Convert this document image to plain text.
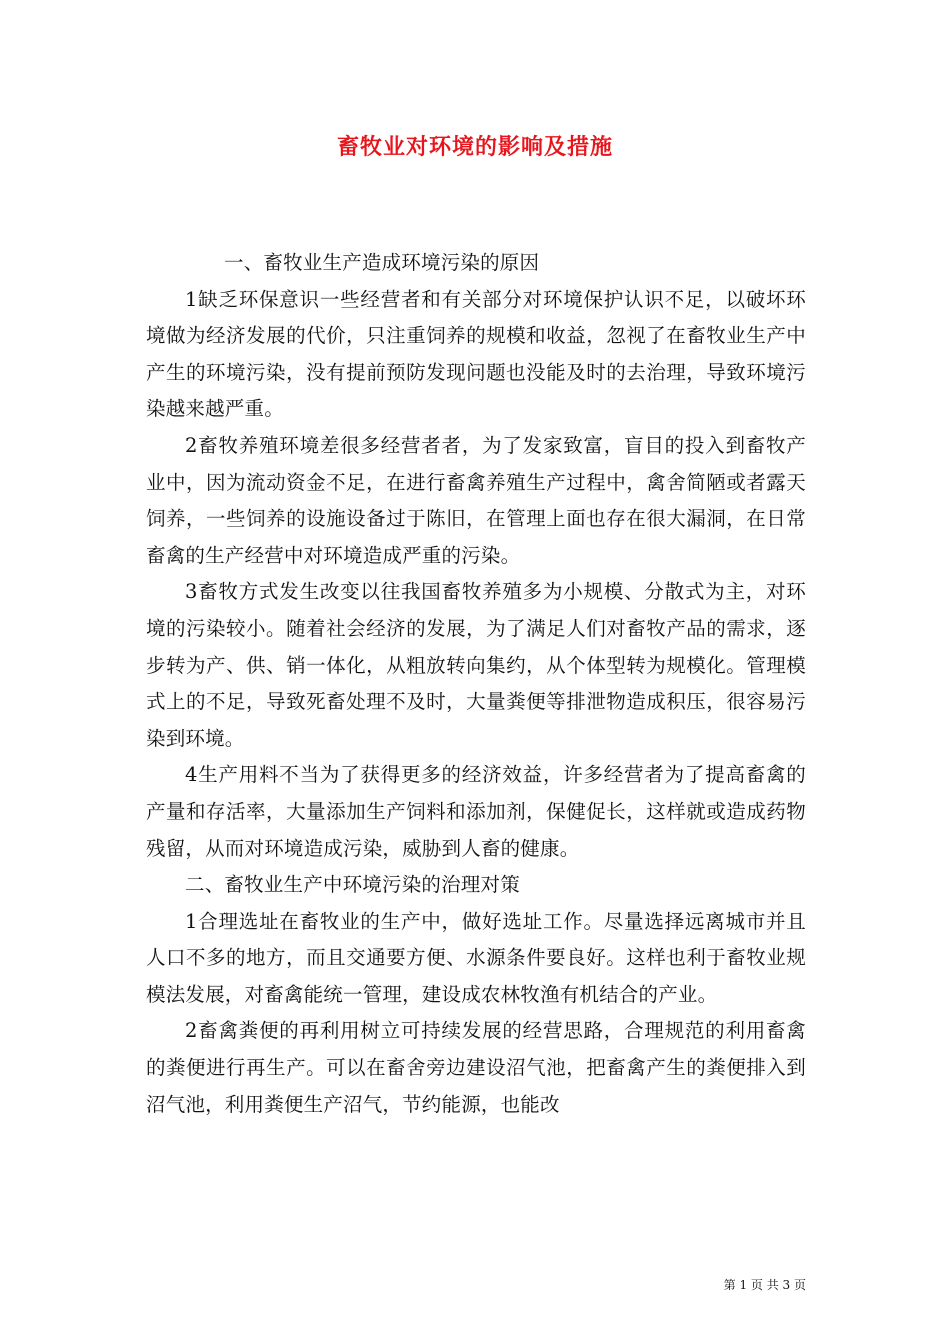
畜牧业对环境的影响及措施

一、畜牧业生产造成环境污染的原因

1缺乏环保意识一些经营者和有关部分对环境保护认识不足，以破坏环境做为经济发展的代价，只注重饲养的规模和收益，忽视了在畜牧业生产中产生的环境污染，没有提前预防发现问题也没能及时的去治理，导致环境污染越来越严重。

2畜牧养殖环境差很多经营者者，为了发家致富，盲目的投入到畜牧产业中，因为流动资金不足，在进行畜禽养殖生产过程中，禽舍简陋或者露天饲养，一些饲养的设施设备过于陈旧，在管理上面也存在很大漏洞，在日常畜禽的生产经营中对环境造成严重的污染。

3畜牧方式发生改变以往我国畜牧养殖多为小规模、分散式为主，对环境的污染较小。随着社会经济的发展，为了满足人们对畜牧产品的需求，逐步转为产、供、销一体化，从粗放转向集约，从个体型转为规模化。管理模式上的不足，导致死畜处理不及时，大量粪便等排泄物造成积压，很容易污染到环境。

4生产用料不当为了获得更多的经济效益，许多经营者为了提高畜禽的产量和存活率，大量添加生产饲料和添加剂，保健促长，这样就或造成药物残留，从而对环境造成污染，威胁到人畜的健康。

二、畜牧业生产中环境污染的治理对策

1合理选址在畜牧业的生产中，做好选址工作。尽量选择远离城市并且人口不多的地方，而且交通要方便、水源条件要良好。这样也利于畜牧业规模法发展，对畜禽能统一管理，建设成农林牧渔有机结合的产业。

2畜禽粪便的再利用树立可持续发展的经营思路，合理规范的利用畜禽的粪便进行再生产。可以在畜舍旁边建设沼气池，把畜禽产生的粪便排入到沼气池，利用粪便生产沼气，节约能源，也能改

第 1 页 共 3 页
